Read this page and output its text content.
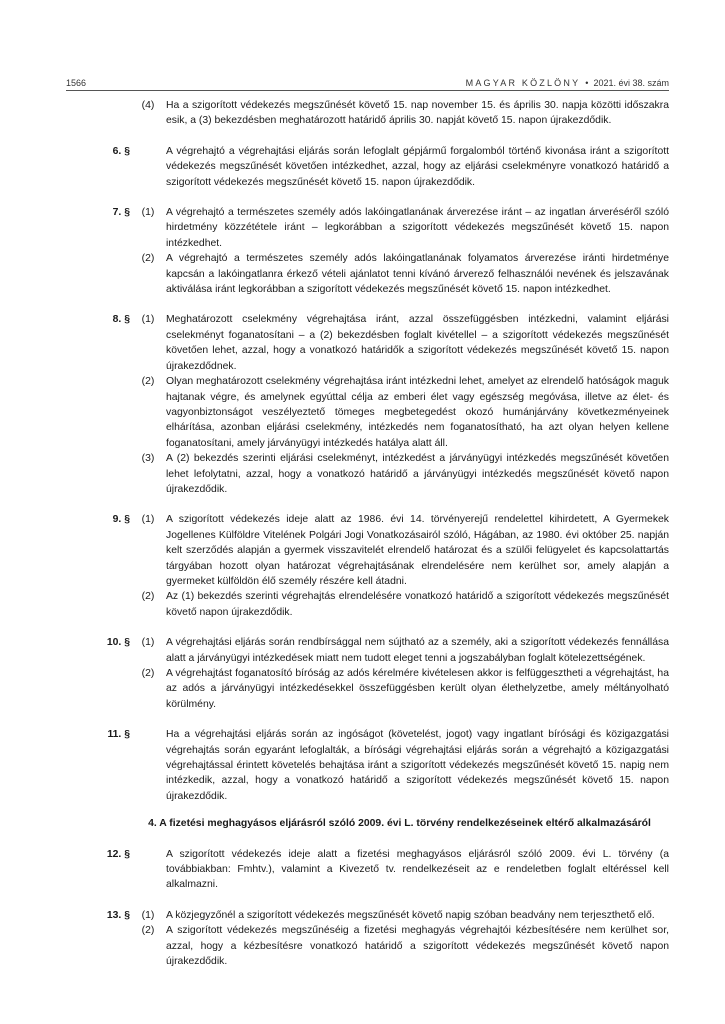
1566	MAGYAR KÖZLÖNY • 2021. évi 38. szám
(4)	Ha a szigorított védekezés megszűnését követő 15. nap november 15. és április 30. napja közötti időszakra esik, a (3) bekezdésben meghatározott határidő április 30. napját követő 15. napon újrakezdődik.
6. §	A végrehajtó a végrehajtási eljárás során lefoglalt gépjármű forgalomból történő kivonása iránt a szigorított védekezés megszűnését követően intézkedhet, azzal, hogy az eljárási cselekményre vonatkozó határidő a szigorított védekezés megszűnését követő 15. napon újrakezdődik.
7. §	(1)	A végrehajtó a természetes személy adós lakóingatlanának árverezése iránt – az ingatlan árveréséről szóló hirdetmény közzététele iránt – legkorábban a szigorított védekezés megszűnését követő 15. napon intézkedhet.
(2)	A végrehajtó a természetes személy adós lakóingatlanának folyamatos árverezése iránti hirdetménye kapcsán a lakóingatlanra érkező vételi ajánlatot tenni kívánó árverező felhasználói nevének és jelszavának aktiválása iránt legkorábban a szigorított védekezés megszűnését követő 15. napon intézkedhet.
8. §	(1)	Meghatározott cselekmény végrehajtása iránt, azzal összefüggésben intézkedni, valamint eljárási cselekményt foganatosítani – a (2) bekezdésben foglalt kivétellel – a szigorított védekezés megszűnését követően lehet, azzal, hogy a vonatkozó határidők a szigorított védekezés megszűnését követő 15. napon újrakezdődnek.
(2)	Olyan meghatározott cselekmény végrehajtása iránt intézkedni lehet, amelyet az elrendelő hatóságok maguk hajtanak végre, és amelynek egyúttal célja az emberi élet vagy egészség megóvása, illetve az élet- és vagyonbiztonságot veszélyeztető tömeges megbetegedést okozó humánjárvány következményeinek elhárítása, azonban eljárási cselekmény, intézkedés nem foganatosítható, ha azt olyan helyen kellene foganatosítani, amely járványügyi intézkedés hatálya alatt áll.
(3)	A (2) bekezdés szerinti eljárási cselekményt, intézkedést a járványügyi intézkedés megszűnését követően lehet lefolytatni, azzal, hogy a vonatkozó határidő a járványügyi intézkedés megszűnését követő napon újrakezdődik.
9. §	(1)	A szigorított védekezés ideje alatt az 1986. évi 14. törvényerejű rendelettel kihirdetett, A Gyermekek Jogellenes Külföldre Vitelének Polgári Jogi Vonatkozásairól szóló, Hágában, az 1980. évi október 25. napján kelt szerződés alapján a gyermek visszavitelét elrendelő határozat és a szülői felügyelet és kapcsolattartás tárgyában hozott olyan határozat végrehajtásának elrendelésére nem kerülhet sor, amely alapján a gyermeket külföldön élő személy részére kell átadni.
(2)	Az (1) bekezdés szerinti végrehajtás elrendelésére vonatkozó határidő a szigorított védekezés megszűnését követő napon újrakezdődik.
10. §	(1)	A végrehajtási eljárás során rendbírsággal nem sújtható az a személy, aki a szigorított védekezés fennállása alatt a járványügyi intézkedések miatt nem tudott eleget tenni a jogszabályban foglalt kötelezettségének.
(2)	A végrehajtást foganatosító bíróság az adós kérelmére kivételesen akkor is felfüggesztheti a végrehajtást, ha az adós a járványügyi intézkedésekkel összefüggésben került olyan élethelyzetbe, amely méltányolható körülmény.
11. §	Ha a végrehajtási eljárás során az ingóságot (követelést, jogot) vagy ingatlant bírósági és közigazgatási végrehajtás során egyaránt lefoglalták, a bírósági végrehajtási eljárás során a végrehajtó a közigazgatási végrehajtással érintett követelés behajtása iránt a szigorított védekezés megszűnését követő 15. napig nem intézkedik, azzal, hogy a vonatkozó határidő a szigorított védekezés megszűnését követő 15. napon újrakezdődik.
4. A fizetési meghagyásos eljárásról szóló 2009. évi L. törvény rendelkezéseinek eltérő alkalmazásáról
12. §	A szigorított védekezés ideje alatt a fizetési meghagyásos eljárásról szóló 2009. évi L. törvény (a továbbiakban: Fmhtv.), valamint a Kivezető tv. rendelkezéseit az e rendeletben foglalt eltéréssel kell alkalmazni.
13. §	(1)	A közjegyzőnél a szigorított védekezés megszűnését követő napig szóban beadvány nem terjeszthető elő.
(2)	A szigorított védekezés megszűnéséig a fizetési meghagyás végrehajtói kézbesítésére nem kerülhet sor, azzal, hogy a kézbesítésre vonatkozó határidő a szigorított védekezés megszűnését követő napon újrakezdődik.
